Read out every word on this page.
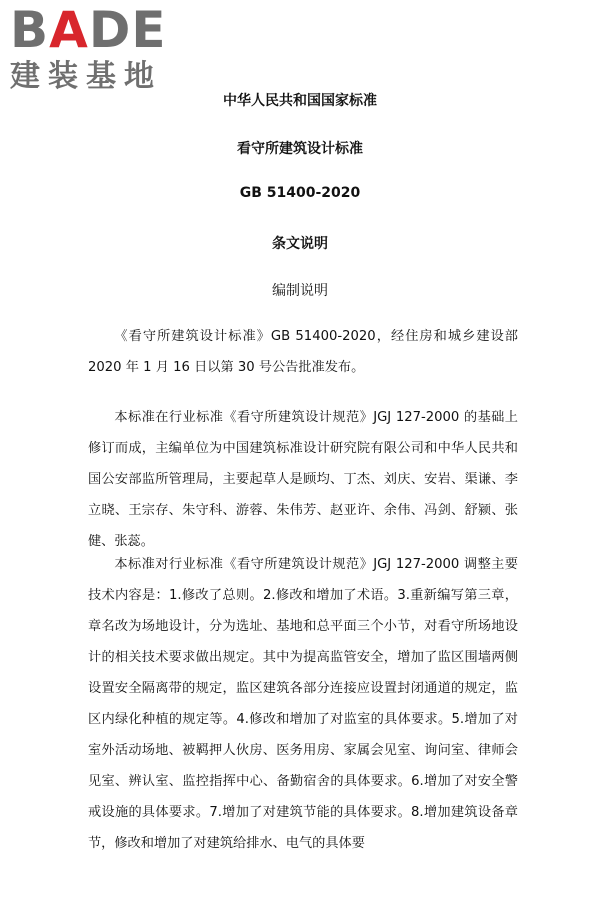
BADE
建装基地
中华人民共和国国家标准
看守所建筑设计标准
GB 51400-2020
条文说明
编制说明

《看守所建筑设计标准》GB 51400-2020，经住房和城乡建设部 2020 年 1 月 16 日以第 30 号公告批准发布。

本标准在行业标准《看守所建筑设计规范》JGJ 127-2000 的基础上修订而成，主编单位为中国建筑标准设计研究院有限公司和中华人民共和国公安部监所管理局，主要起草人是顾均、丁杰、刘庆、安岩、渠谦、李立晓、王宗存、朱守科、游蓉、朱伟芳、赵亚许、余伟、冯剑、舒颍、张健、张蕊。

本标准对行业标准《看守所建筑设计规范》JGJ 127-2000 调整主要技术内容是：1.修改了总则。2.修改和增加了术语。3.重新编写第三章，章名改为场地设计，分为选址、基地和总平面三个小节，对看守所场地设计的相关技术要求做出规定。其中为提高监管安全，增加了监区围墙两侧设置安全隔离带的规定，监区建筑各部分连接应设置封闭通道的规定，监区内绿化种植的规定等。4.修改和增加了对监室的具体要求。5.增加了对室外活动场地、被羁押人伙房、医务用房、家属会见室、询问室、律师会见室、辨认室、监控指挥中心、备勤宿舍的具体要求。6.增加了对安全警戒设施的具体要求。7.增加了对建筑节能的具体要求。8.增加建筑设备章节，修改和增加了对建筑给排水、电气的具体要
